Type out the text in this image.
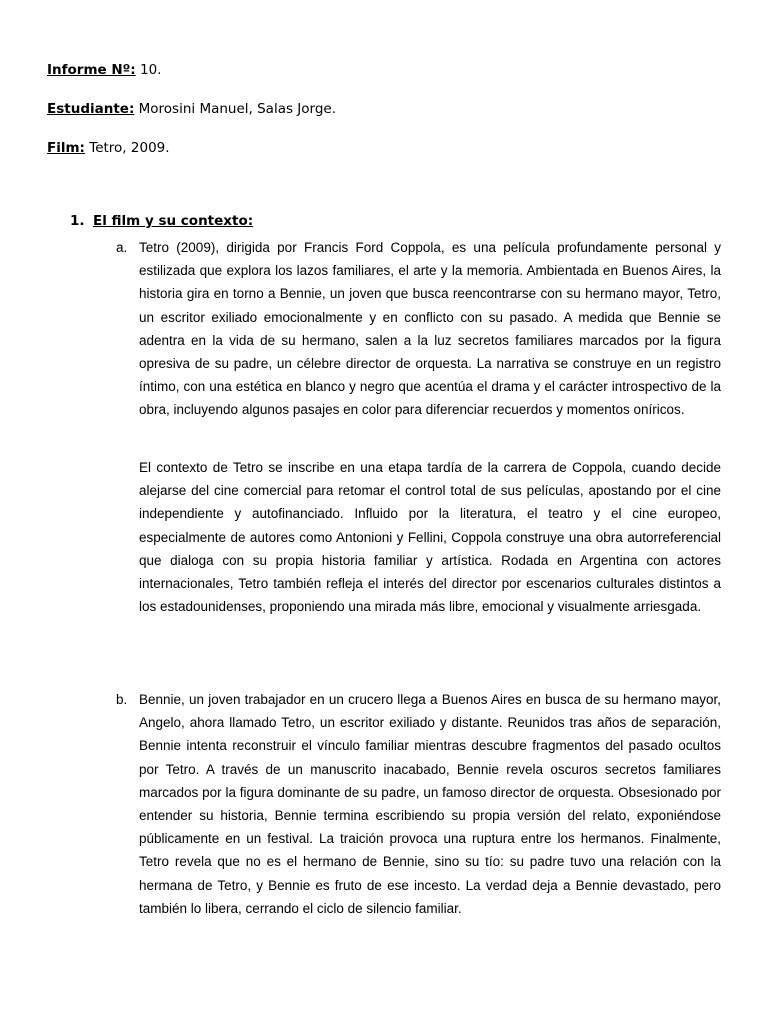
Informe Nº: 10.
Estudiante: Morosini Manuel, Salas Jorge.
Film: Tetro, 2009.
1. El film y su contexto:
a. Tetro (2009), dirigida por Francis Ford Coppola, es una película profundamente personal y estilizada que explora los lazos familiares, el arte y la memoria. Ambientada en Buenos Aires, la historia gira en torno a Bennie, un joven que busca reencontrarse con su hermano mayor, Tetro, un escritor exiliado emocionalmente y en conflicto con su pasado. A medida que Bennie se adentra en la vida de su hermano, salen a la luz secretos familiares marcados por la figura opresiva de su padre, un célebre director de orquesta. La narrativa se construye en un registro íntimo, con una estética en blanco y negro que acentúa el drama y el carácter introspectivo de la obra, incluyendo algunos pasajes en color para diferenciar recuerdos y momentos oníricos.

El contexto de Tetro se inscribe en una etapa tardía de la carrera de Coppola, cuando decide alejarse del cine comercial para retomar el control total de sus películas, apostando por el cine independiente y autofinanciado. Influido por la literatura, el teatro y el cine europeo, especialmente de autores como Antonioni y Fellini, Coppola construye una obra autorreferencial que dialoga con su propia historia familiar y artística. Rodada en Argentina con actores internacionales, Tetro también refleja el interés del director por escenarios culturales distintos a los estadounidenses, proponiendo una mirada más libre, emocional y visualmente arriesgada.

b. Bennie, un joven trabajador en un crucero llega a Buenos Aires en busca de su hermano mayor, Angelo, ahora llamado Tetro, un escritor exiliado y distante. Reunidos tras años de separación, Bennie intenta reconstruir el vínculo familiar mientras descubre fragmentos del pasado ocultos por Tetro. A través de un manuscrito inacabado, Bennie revela oscuros secretos familiares marcados por la figura dominante de su padre, un famoso director de orquesta. Obsesionado por entender su historia, Bennie termina escribiendo su propia versión del relato, exponiéndose públicamente en un festival. La traición provoca una ruptura entre los hermanos. Finalmente, Tetro revela que no es el hermano de Bennie, sino su tío: su padre tuvo una relación con la hermana de Tetro, y Bennie es fruto de ese incesto. La verdad deja a Bennie devastado, pero también lo libera, cerrando el ciclo de silencio familiar.
